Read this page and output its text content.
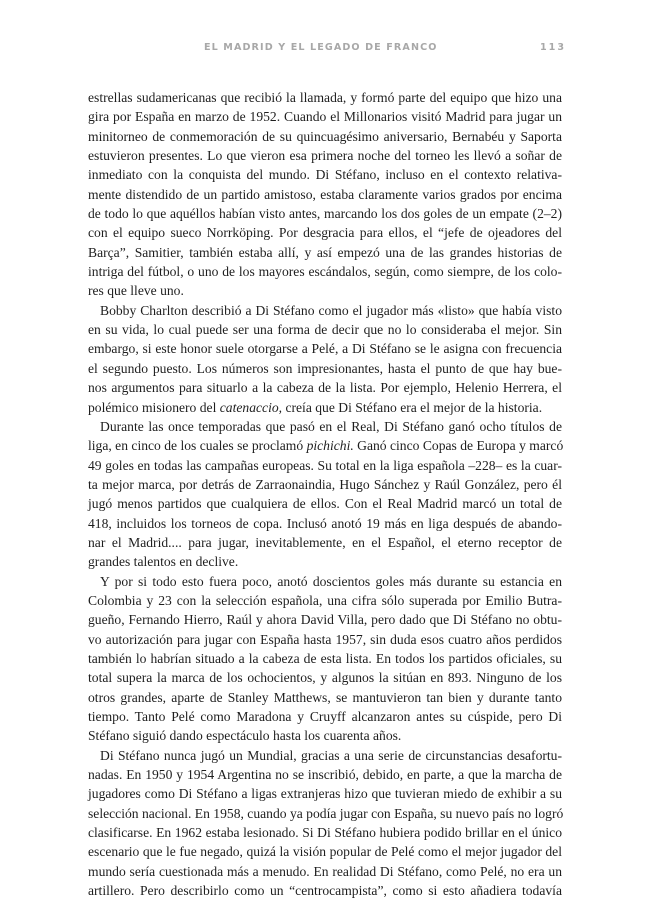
EL MADRID Y EL LEGADO DE FRANCO	113

estrellas sudamericanas que recibió la llamada, y formó parte del equipo que hizo una
gira por España en marzo de 1952. Cuando el Millonarios visitó Madrid para jugar un
minitorneo de conmemoración de su quincuagésimo aniversario, Bernabéu y Saporta
estuvieron presentes. Lo que vieron esa primera noche del torneo les llevó a soñar de
inmediato con la conquista del mundo. Di Stéfano, incluso en el contexto relativa-
mente distendido de un partido amistoso, estaba claramente varios grados por encima
de todo lo que aquéllos habían visto antes, marcando los dos goles de un empate (2–2)
con el equipo sueco Norrköping. Por desgracia para ellos, el “jefe de ojeadores del
Barça”, Samitier, también estaba allí, y así empezó una de las grandes historias de
intriga del fútbol, o uno de los mayores escándalos, según, como siempre, de los colo-
res que lleve uno.

Bobby Charlton describió a Di Stéfano como el jugador más «listo» que había visto
en su vida, lo cual puede ser una forma de decir que no lo consideraba el mejor. Sin
embargo, si este honor suele otorgarse a Pelé, a Di Stéfano se le asigna con frecuencia
el segundo puesto. Los números son impresionantes, hasta el punto de que hay bue-
nos argumentos para situarlo a la cabeza de la lista. Por ejemplo, Helenio Herrera, el
polémico misionero del catenaccio, creía que Di Stéfano era el mejor de la historia.

Durante las once temporadas que pasó en el Real, Di Stéfano ganó ocho títulos de
liga, en cinco de los cuales se proclamó pichichi. Ganó cinco Copas de Europa y marcó
49 goles en todas las campañas europeas. Su total en la liga española –228– es la cuar-
ta mejor marca, por detrás de Zarraonaindia, Hugo Sánchez y Raúl González, pero él
jugó menos partidos que cualquiera de ellos. Con el Real Madrid marcó un total de
418, incluidos los torneos de copa. Inclusó anotó 19 más en liga después de abando-
nar el Madrid.... para jugar, inevitablemente, en el Español, el eterno receptor de
grandes talentos en declive.

Y por si todo esto fuera poco, anotó doscientos goles más durante su estancia en
Colombia y 23 con la selección española, una cifra sólo superada por Emilio Butra-
gueño, Fernando Hierro, Raúl y ahora David Villa, pero dado que Di Stéfano no obtu-
vo autorización para jugar con España hasta 1957, sin duda esos cuatro años perdidos
también lo habrían situado a la cabeza de esta lista. En todos los partidos oficiales, su
total supera la marca de los ochocientos, y algunos la sitúan en 893. Ninguno de los
otros grandes, aparte de Stanley Matthews, se mantuvieron tan bien y durante tanto
tiempo. Tanto Pelé como Maradona y Cruyff alcanzaron antes su cúspide, pero Di
Stéfano siguió dando espectáculo hasta los cuarenta años.

Di Stéfano nunca jugó un Mundial, gracias a una serie de circunstancias desafortu-
nadas. En 1950 y 1954 Argentina no se inscribió, debido, en parte, a que la marcha de
jugadores como Di Stéfano a ligas extranjeras hizo que tuvieran miedo de exhibir a su
selección nacional. En 1958, cuando ya podía jugar con España, su nuevo país no logró
clasificarse. En 1962 estaba lesionado. Si Di Stéfano hubiera podido brillar en el único
escenario que le fue negado, quizá la visión popular de Pelé como el mejor jugador del
mundo sería cuestionada más a menudo. En realidad Di Stéfano, como Pelé, no era un
artillero. Pero describirlo como un “centrocampista”, como si esto añadiera todavía
